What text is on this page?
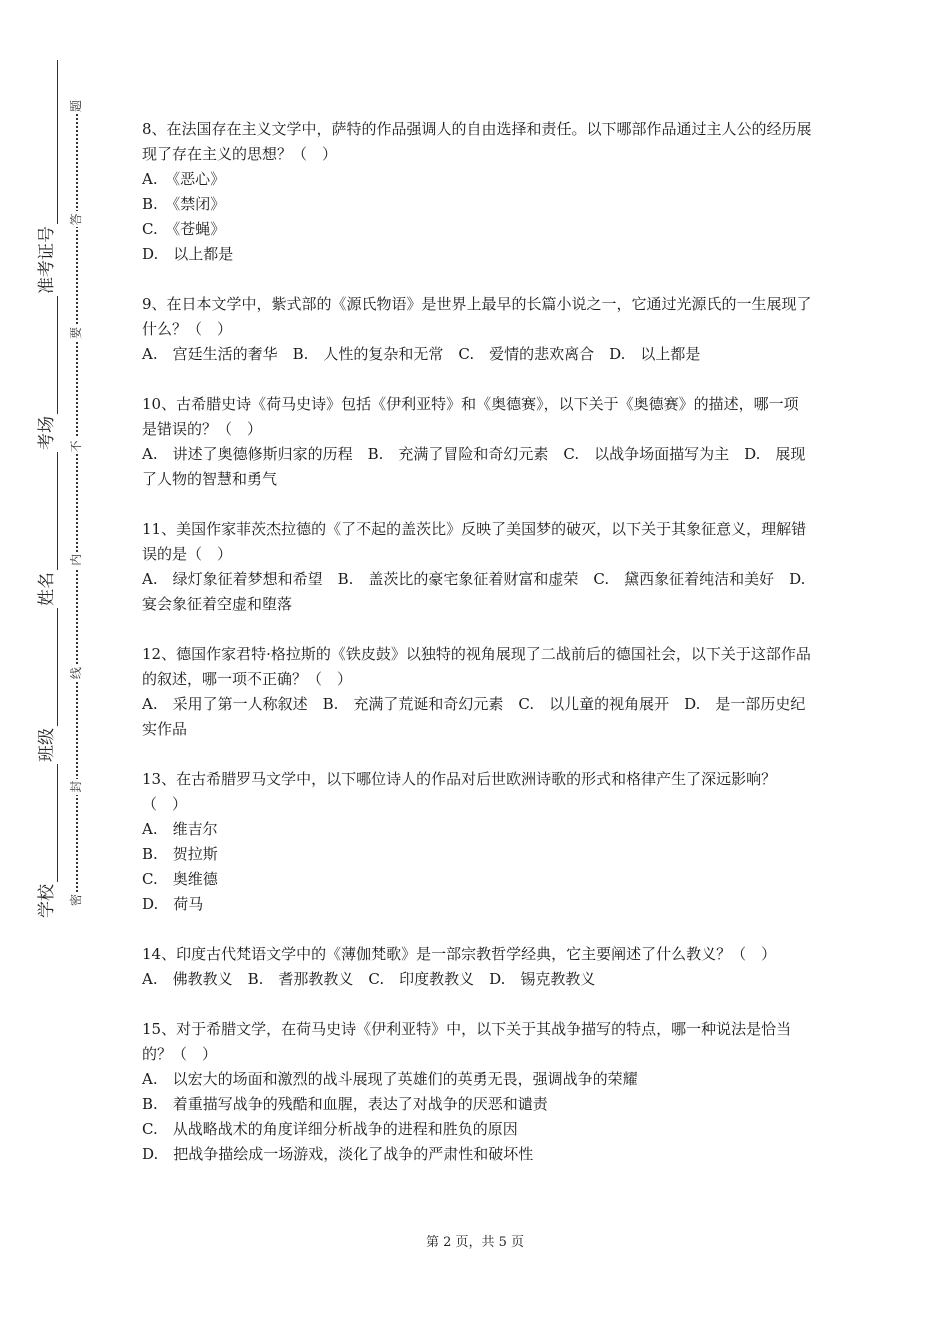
学校
班级
姓名
考场
准考证号
密
封
线
内
不
要
答
题

8、在法国存在主义文学中，萨特的作品强调人的自由选择和责任。以下哪部作品通过主人公的经历展现了存在主义的思想？（　）

A.　《恶心》

B.　《禁闭》

C.　《苍蝇》

D.　以上都是

9、在日本文学中，紫式部的《源氏物语》是世界上最早的长篇小说之一，它通过光源氏的一生展现了什么？（　）

A.　宫廷生活的奢华　B.　人性的复杂和无常　C.　爱情的悲欢离合　D.　以上都是

10、古希腊史诗《荷马史诗》包括《伊利亚特》和《奥德赛》，以下关于《奥德赛》的描述，哪一项是错误的？（　）

A.　讲述了奥德修斯归家的历程　B.　充满了冒险和奇幻元素　C.　以战争场面描写为主　D.　展现了人物的智慧和勇气

11、美国作家菲茨杰拉德的《了不起的盖茨比》反映了美国梦的破灭，以下关于其象征意义，理解错误的是（　）

A.　绿灯象征着梦想和希望　B.　盖茨比的豪宅象征着财富和虚荣　C.　黛西象征着纯洁和美好　D.　宴会象征着空虚和堕落

12、德国作家君特·格拉斯的《铁皮鼓》以独特的视角展现了二战前后的德国社会，以下关于这部作品的叙述，哪一项不正确？（　）

A.　采用了第一人称叙述　B.　充满了荒诞和奇幻元素　C.　以儿童的视角展开　D.　是一部历史纪实作品

13、在古希腊罗马文学中，以下哪位诗人的作品对后世欧洲诗歌的形式和格律产生了深远影响？（　）

A.　维吉尔

B.　贺拉斯

C.　奥维德

D.　荷马

14、印度古代梵语文学中的《薄伽梵歌》是一部宗教哲学经典，它主要阐述了什么教义？（　）

A.　佛教教义　B.　耆那教教义　C.　印度教教义　D.　锡克教教义

15、对于希腊文学，在荷马史诗《伊利亚特》中，以下关于其战争描写的特点，哪一种说法是恰当的？（　）

A.　以宏大的场面和激烈的战斗展现了英雄们的英勇无畏，强调战争的荣耀

B.　着重描写战争的残酷和血腥，表达了对战争的厌恶和谴责

C.　从战略战术的角度详细分析战争的进程和胜负的原因

D.　把战争描绘成一场游戏，淡化了战争的严肃性和破坏性

第 2 页，共 5 页
